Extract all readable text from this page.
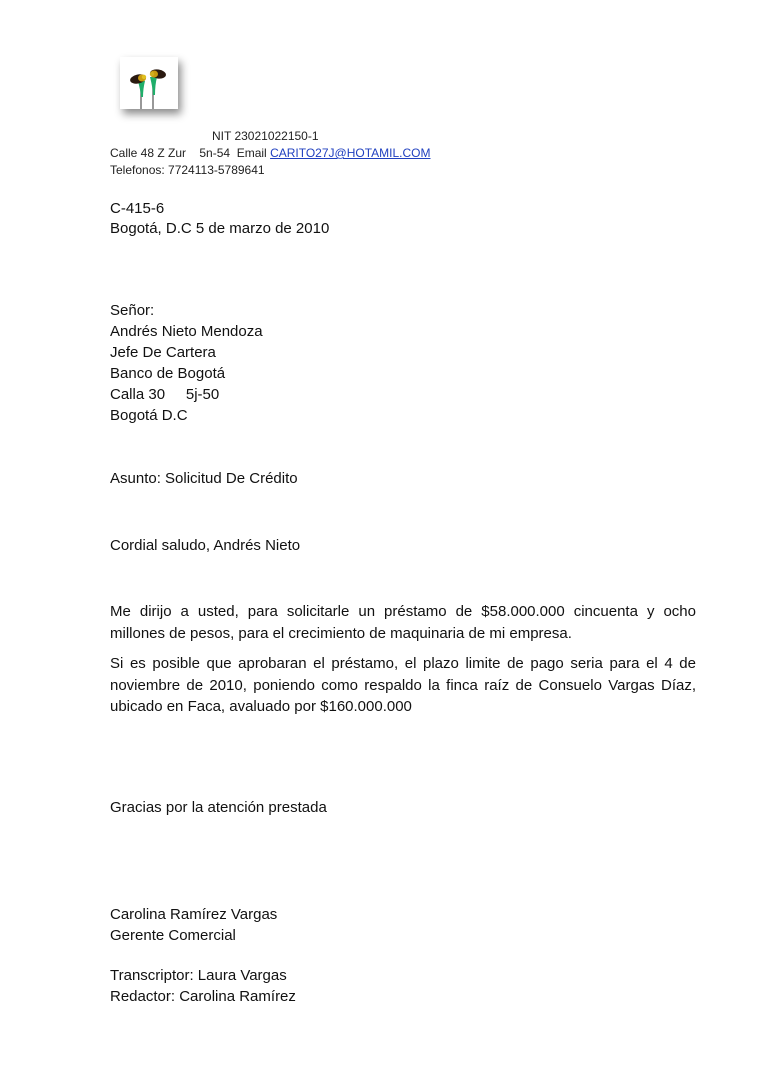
NIT 23021022150-1
Calle 48 Z Zur    5n-54  Email CARITO27J@HOTAMIL.COM
Telefonos: 7724113-5789641
C-415-6
Bogotá, D.C 5 de marzo de 2010
Señor:
Andrés Nieto Mendoza
Jefe De Cartera
Banco de Bogotá
Calla 30     5j-50
Bogotá D.C
Asunto: Solicitud De Crédito
Cordial saludo, Andrés Nieto
Me dirijo a usted, para solicitarle un préstamo de $58.000.000 cincuenta y ocho millones de pesos, para el crecimiento de maquinaria de mi empresa.
Si es posible que aprobaran el préstamo, el plazo limite de pago seria para el 4 de noviembre de 2010, poniendo como respaldo la finca raíz de Consuelo Vargas Díaz, ubicado en Faca, avaluado por $160.000.000
Gracias por la atención prestada
Carolina Ramírez Vargas
Gerente Comercial
Transcriptor: Laura Vargas
Redactor: Carolina Ramírez
